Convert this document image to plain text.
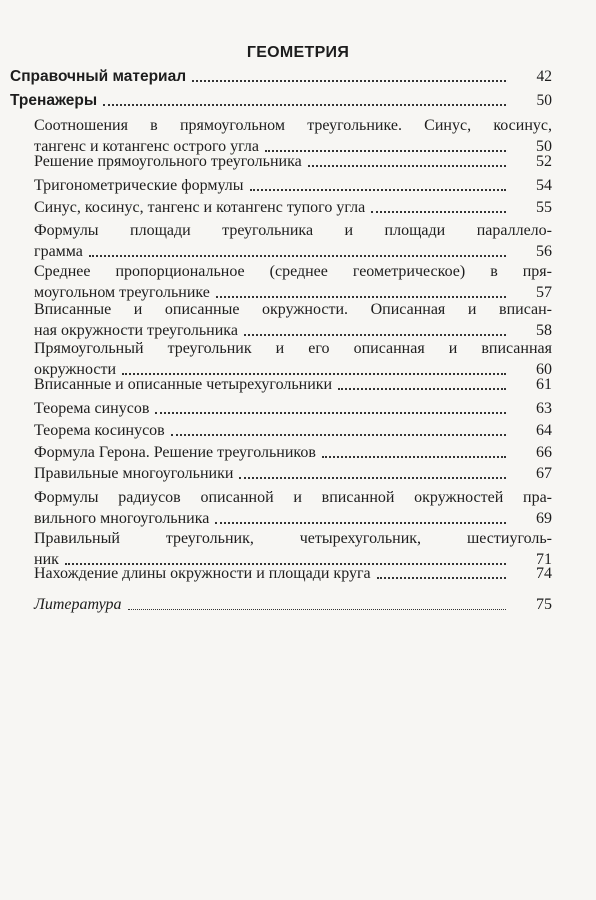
ГЕОМЕТРИЯ
Справочный материал	42
Тренажеры	50
Соотношения в прямоугольном треугольнике. Синус, косинус,
тангенс и котангенс острого угла	50
Решение прямоугольного треугольника	52
Тригонометрические формулы	54
Синус, косинус, тангенс и котангенс тупого угла	55
Формулы площади треугольника и площади параллело-
грамма	56
Среднее пропорциональное (среднее геометрическое) в пря-
моугольном треугольнике	57
Вписанные и описанные окружности. Описанная и вписан-
ная окружности треугольника	58
Прямоугольный треугольник и его описанная и вписанная
окружности	60
Вписанные и описанные четырехугольники	61
Теорема синусов	63
Теорема косинусов	64
Формула Герона. Решение треугольников	66
Правильные многоугольники	67
Формулы радиусов описанной и вписанной окружностей пра-
вильного многоугольника	69
Правильный треугольник, четырехугольник, шестиуголь-
ник	71
Нахождение длины окружности и площади круга	74
Литература	75
